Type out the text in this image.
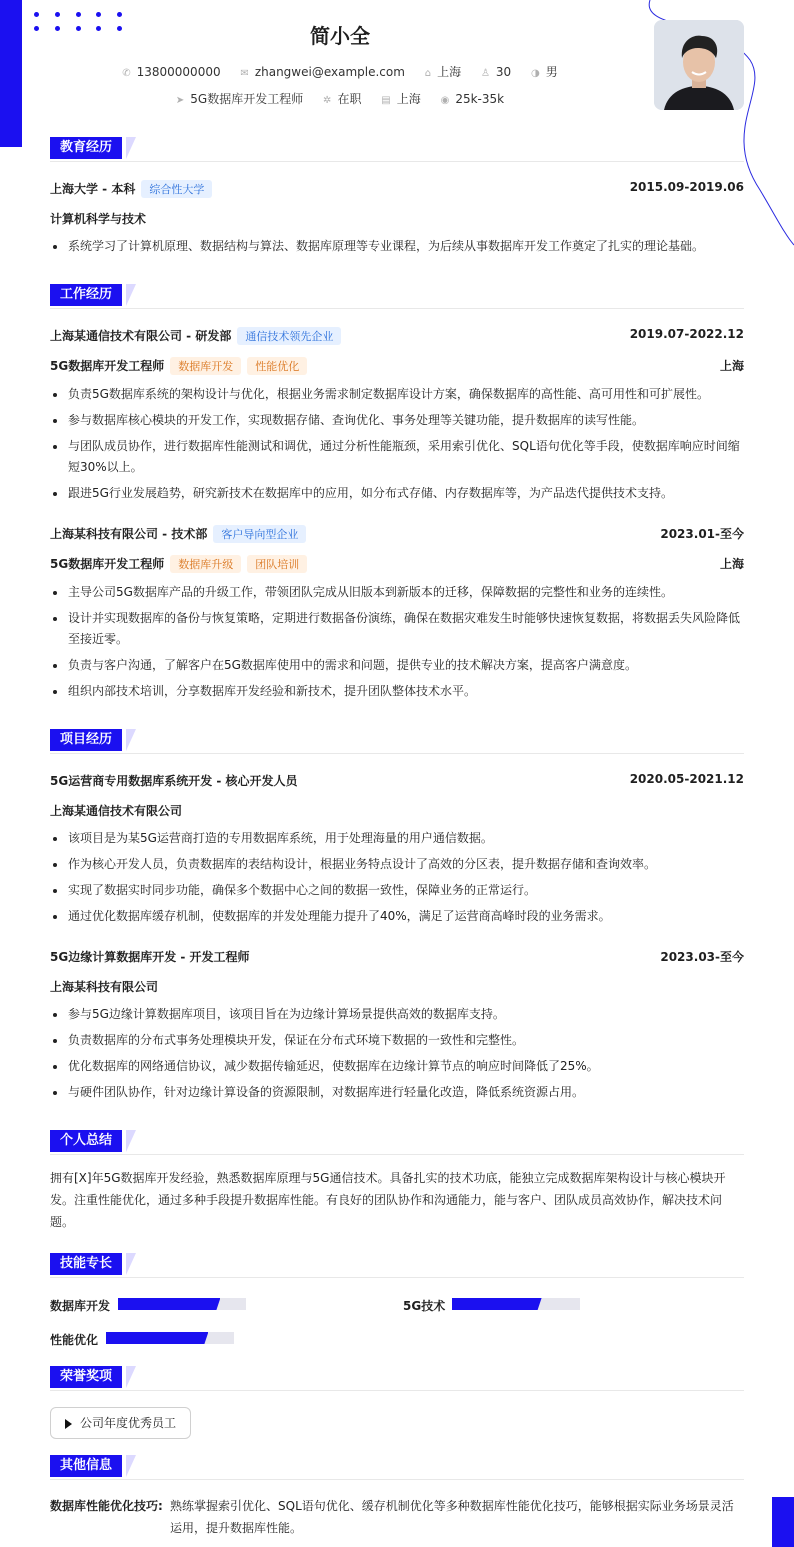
简小全
✆ 13800000000 ✉ zhangwei@example.com ⌂ 上海 ♙ 30 ◑ 男
➤ 5G数据库开发工程师 ✲ 在职 ▤ 上海 ◉ 25k-35k
教育经历
上海大学 - 本科 综合性大学	2015.09-2019.06
计算机科学与技术
系统学习了计算机原理、数据结构与算法、数据库原理等专业课程，为后续从事数据库开发工作奠定了扎实的理论基础。
工作经历
上海某通信技术有限公司 - 研发部 通信技术领先企业	2019.07-2022.12
5G数据库开发工程师 数据库开发 性能优化	上海
负责5G数据库系统的架构设计与优化，根据业务需求制定数据库设计方案，确保数据库的高性能、高可用性和可扩展性。
参与数据库核心模块的开发工作，实现数据存储、查询优化、事务处理等关键功能，提升数据库的读写性能。
与团队成员协作，进行数据库性能测试和调优，通过分析性能瓶颈，采用索引优化、SQL语句优化等手段，使数据库响应时间缩短30%以上。
跟进5G行业发展趋势，研究新技术在数据库中的应用，如分布式存储、内存数据库等，为产品迭代提供技术支持。
上海某科技有限公司 - 技术部 客户导向型企业	2023.01-至今
5G数据库开发工程师 数据库升级 团队培训	上海
主导公司5G数据库产品的升级工作，带领团队完成从旧版本到新版本的迁移，保障数据的完整性和业务的连续性。
设计并实现数据库的备份与恢复策略，定期进行数据备份演练，确保在数据灾难发生时能够快速恢复数据，将数据丢失风险降低至接近零。
负责与客户沟通，了解客户在5G数据库使用中的需求和问题，提供专业的技术解决方案，提高客户满意度。
组织内部技术培训，分享数据库开发经验和新技术，提升团队整体技术水平。
项目经历
5G运营商专用数据库系统开发 - 核心开发人员	2020.05-2021.12
上海某通信技术有限公司
该项目是为某5G运营商打造的专用数据库系统，用于处理海量的用户通信数据。
作为核心开发人员，负责数据库的表结构设计，根据业务特点设计了高效的分区表，提升数据存储和查询效率。
实现了数据实时同步功能，确保多个数据中心之间的数据一致性，保障业务的正常运行。
通过优化数据库缓存机制，使数据库的并发处理能力提升了40%，满足了运营商高峰时段的业务需求。
5G边缘计算数据库开发 - 开发工程师	2023.03-至今
上海某科技有限公司
参与5G边缘计算数据库项目，该项目旨在为边缘计算场景提供高效的数据库支持。
负责数据库的分布式事务处理模块开发，保证在分布式环境下数据的一致性和完整性。
优化数据库的网络通信协议，减少数据传输延迟，使数据库在边缘计算节点的响应时间降低了25%。
与硬件团队协作，针对边缘计算设备的资源限制，对数据库进行轻量化改造，降低系统资源占用。
个人总结
拥有[X]年5G数据库开发经验，熟悉数据库原理与5G通信技术。具备扎实的技术功底，能独立完成数据库架构设计与核心模块开发。注重性能优化，通过多种手段提升数据库性能。有良好的团队协作和沟通能力，能与客户、团队成员高效协作，解决技术问题。
技能专长
数据库开发	5G技术
性能优化
荣誉奖项
公司年度优秀员工
其他信息
数据库性能优化技巧: 熟练掌握索引优化、SQL语句优化、缓存机制优化等多种数据库性能优化技巧，能够根据实际业务场景灵活运用，提升数据库性能。
